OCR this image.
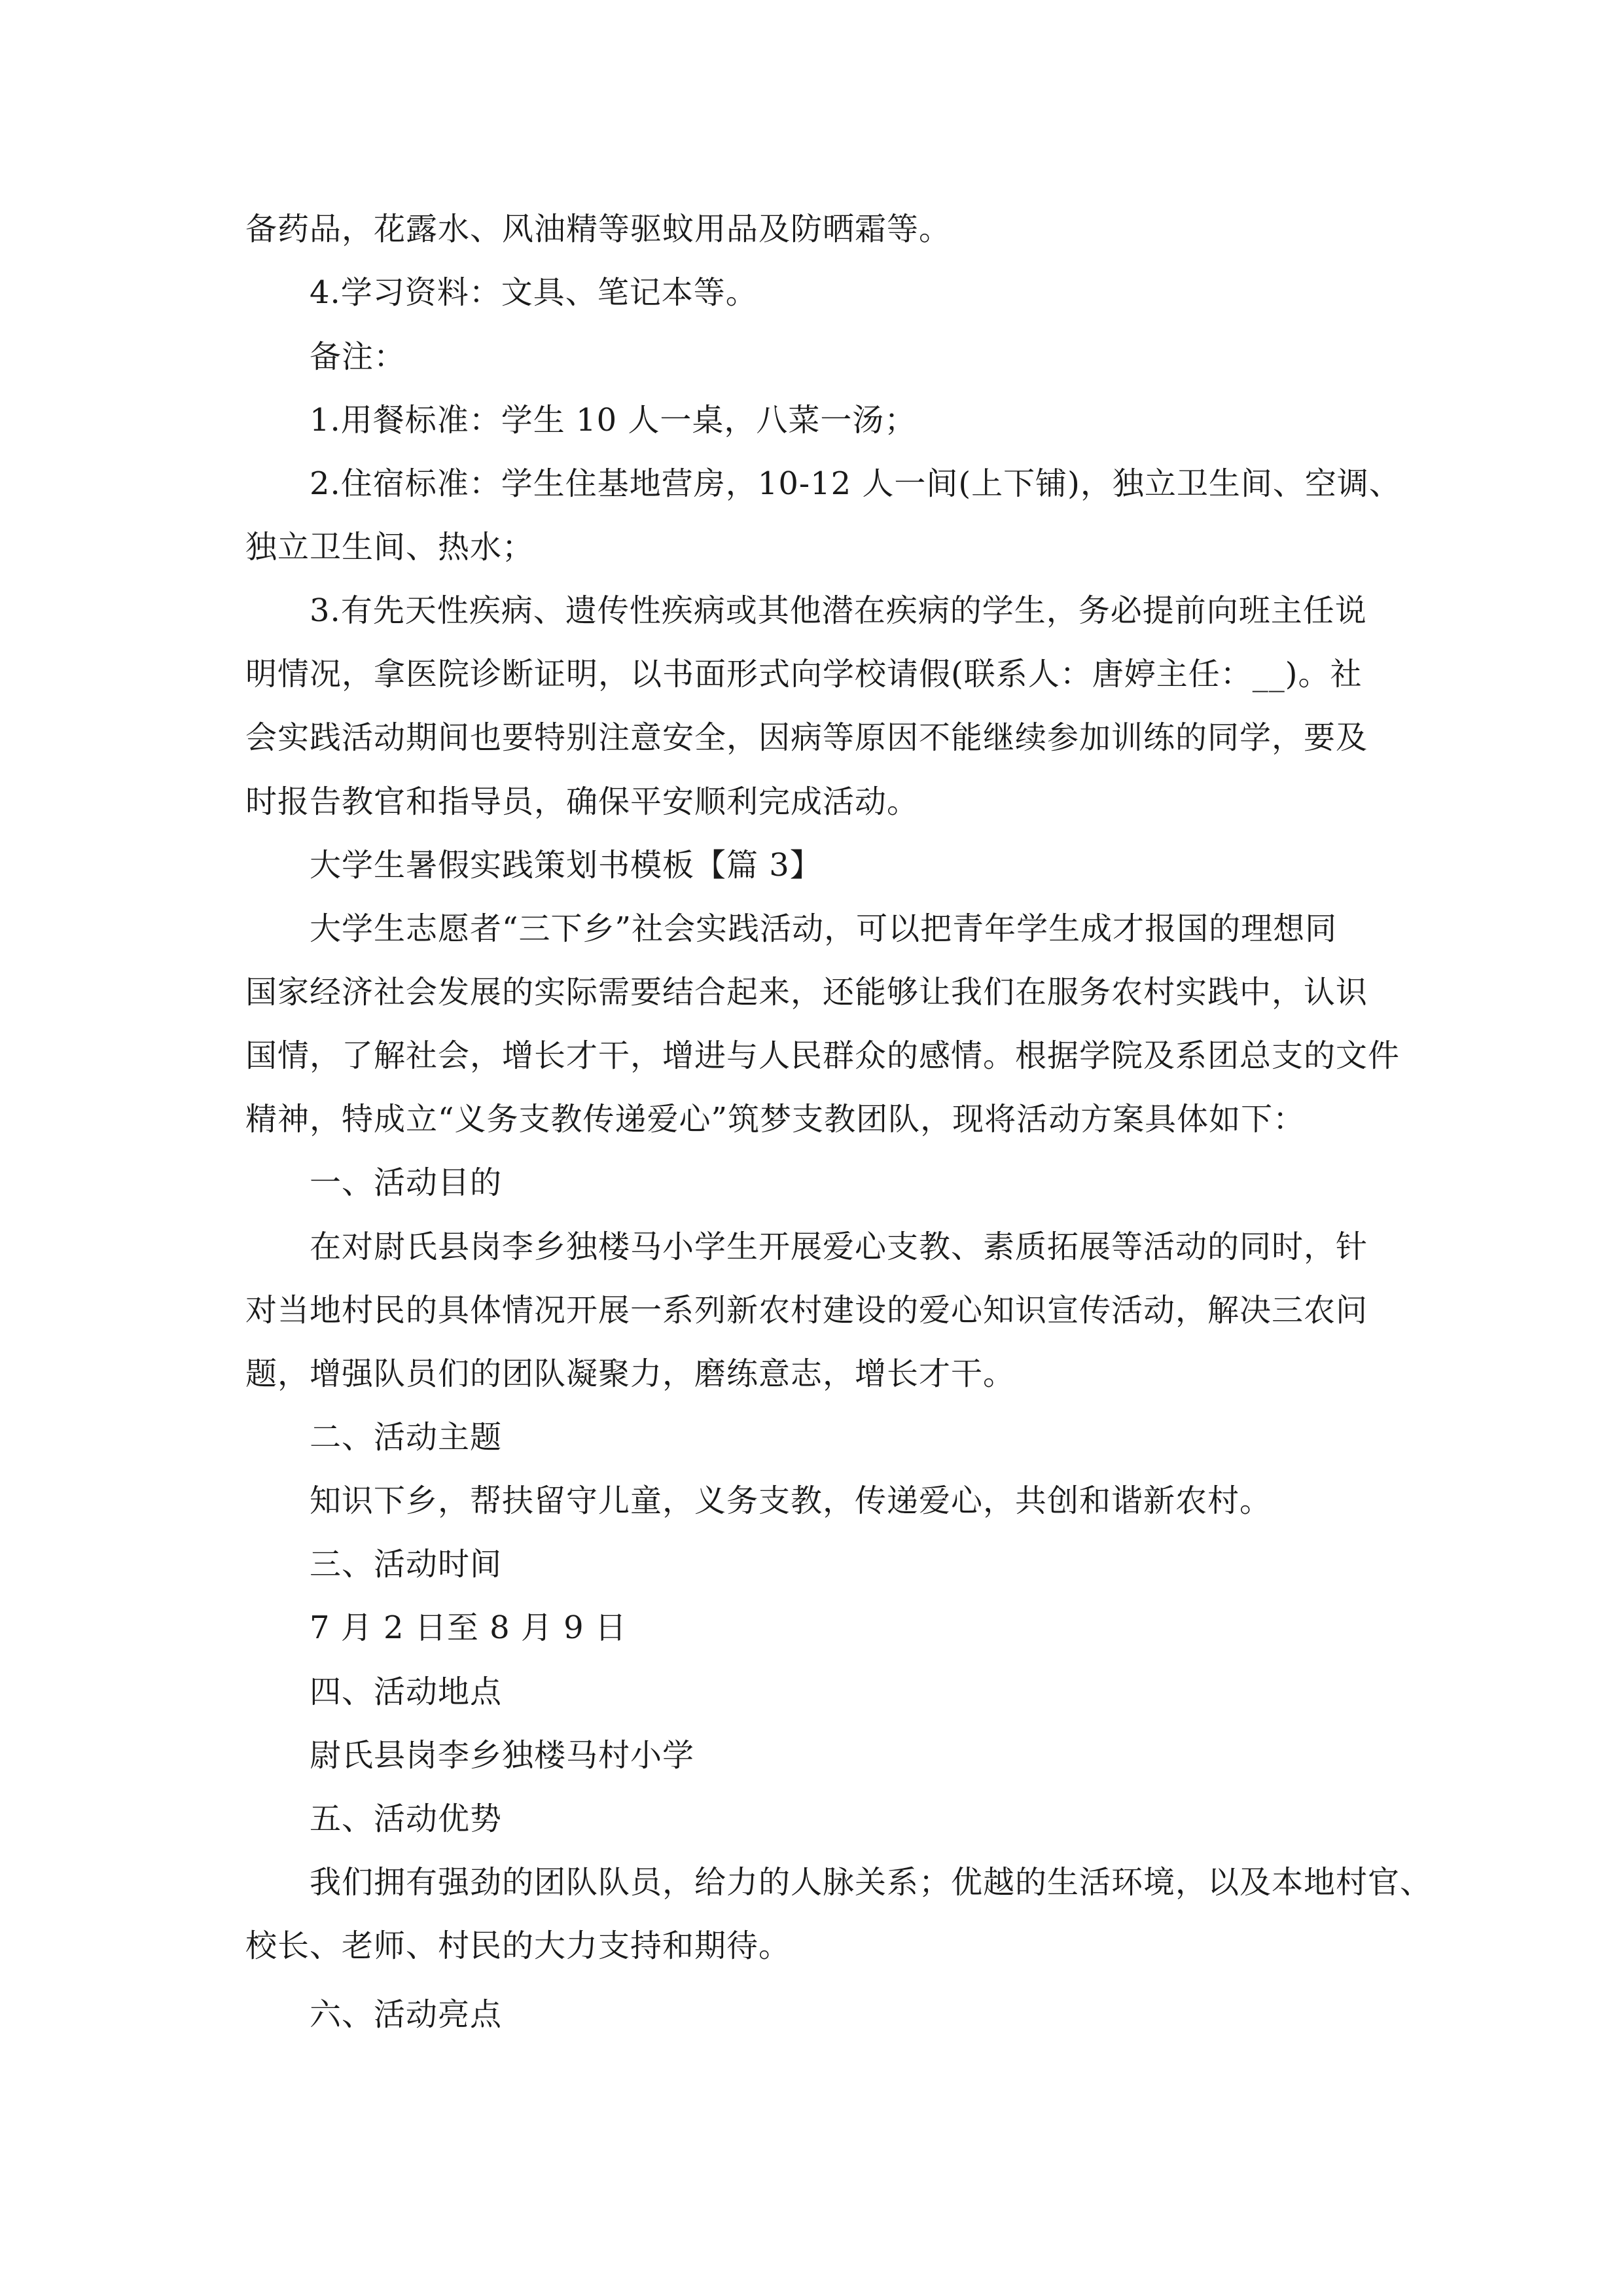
备药品，花露水、风油精等驱蚊用品及防晒霜等。
4.学习资料：文具、笔记本等。
备注：
1.用餐标准：学生 10 人一桌，八菜一汤；
2.住宿标准：学生住基地营房，10-12 人一间(上下铺)，独立卫生间、空调、
独立卫生间、热水；
3.有先天性疾病、遗传性疾病或其他潜在疾病的学生，务必提前向班主任说
明情况，拿医院诊断证明，以书面形式向学校请假(联系人：唐婷主任：__)。社
会实践活动期间也要特别注意安全，因病等原因不能继续参加训练的同学，要及
时报告教官和指导员，确保平安顺利完成活动。
大学生暑假实践策划书模板【篇 3】
大学生志愿者“三下乡”社会实践活动，可以把青年学生成才报国的理想同
国家经济社会发展的实际需要结合起来，还能够让我们在服务农村实践中，认识
国情，了解社会，增长才干，增进与人民群众的感情。根据学院及系团总支的文件
精神，特成立“义务支教传递爱心”筑梦支教团队，现将活动方案具体如下：
一、活动目的
在对尉氏县岗李乡独楼马小学生开展爱心支教、素质拓展等活动的同时，针
对当地村民的具体情况开展一系列新农村建设的爱心知识宣传活动，解决三农问
题，增强队员们的团队凝聚力，磨练意志，增长才干。
二、活动主题
知识下乡，帮扶留守儿童，义务支教，传递爱心，共创和谐新农村。
三、活动时间
7 月 2 日至 8 月 9 日
四、活动地点
尉氏县岗李乡独楼马村小学
五、活动优势
我们拥有强劲的团队队员，给力的人脉关系；优越的生活环境，以及本地村官、
校长、老师、村民的大力支持和期待。
六、活动亮点
